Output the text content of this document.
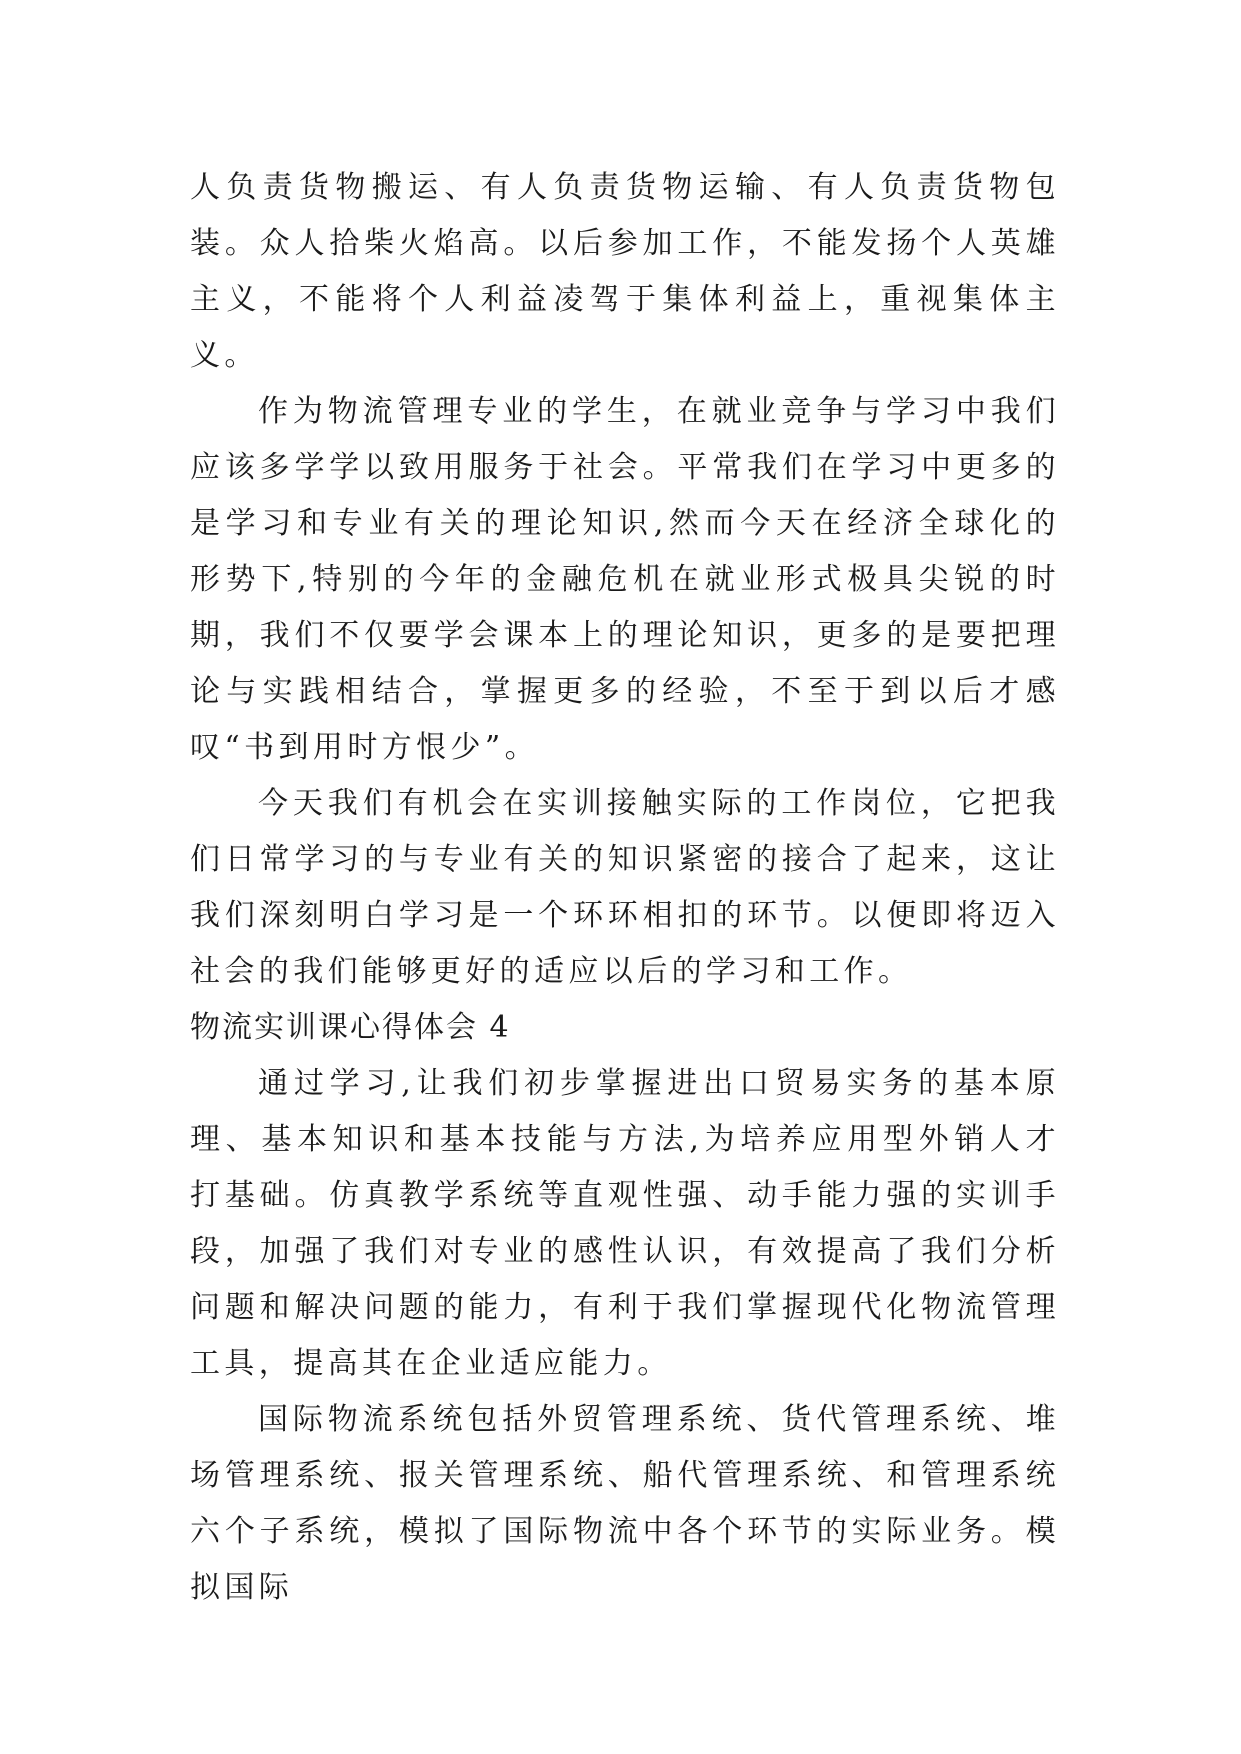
人负责货物搬运、有人负责货物运输、有人负责货物包装。众人拾柴火焰高。以后参加工作，不能发扬个人英雄主义，不能将个人利益凌驾于集体利益上，重视集体主义。

作为物流管理专业的学生，在就业竞争与学习中我们应该多学学以致用服务于社会。平常我们在学习中更多的是学习和专业有关的理论知识,然而今天在经济全球化的形势下,特别的今年的金融危机在就业形式极具尖锐的时期，我们不仅要学会课本上的理论知识，更多的是要把理论与实践相结合，掌握更多的经验，不至于到以后才感叹“书到用时方恨少”。

今天我们有机会在实训接触实际的工作岗位，它把我们日常学习的与专业有关的知识紧密的接合了起来，这让我们深刻明白学习是一个环环相扣的环节。以便即将迈入社会的我们能够更好的适应以后的学习和工作。

物流实训课心得体会 4

通过学习,让我们初步掌握进出口贸易实务的基本原理、基本知识和基本技能与方法,为培养应用型外销人才打基础。仿真教学系统等直观性强、动手能力强的实训手段，加强了我们对专业的感性认识，有效提高了我们分析问题和解决问题的能力，有利于我们掌握现代化物流管理工具，提高其在企业适应能力。

国际物流系统包括外贸管理系统、货代管理系统、堆场管理系统、报关管理系统、船代管理系统、和管理系统六个子系统，模拟了国际物流中各个环节的实际业务。模拟国际
